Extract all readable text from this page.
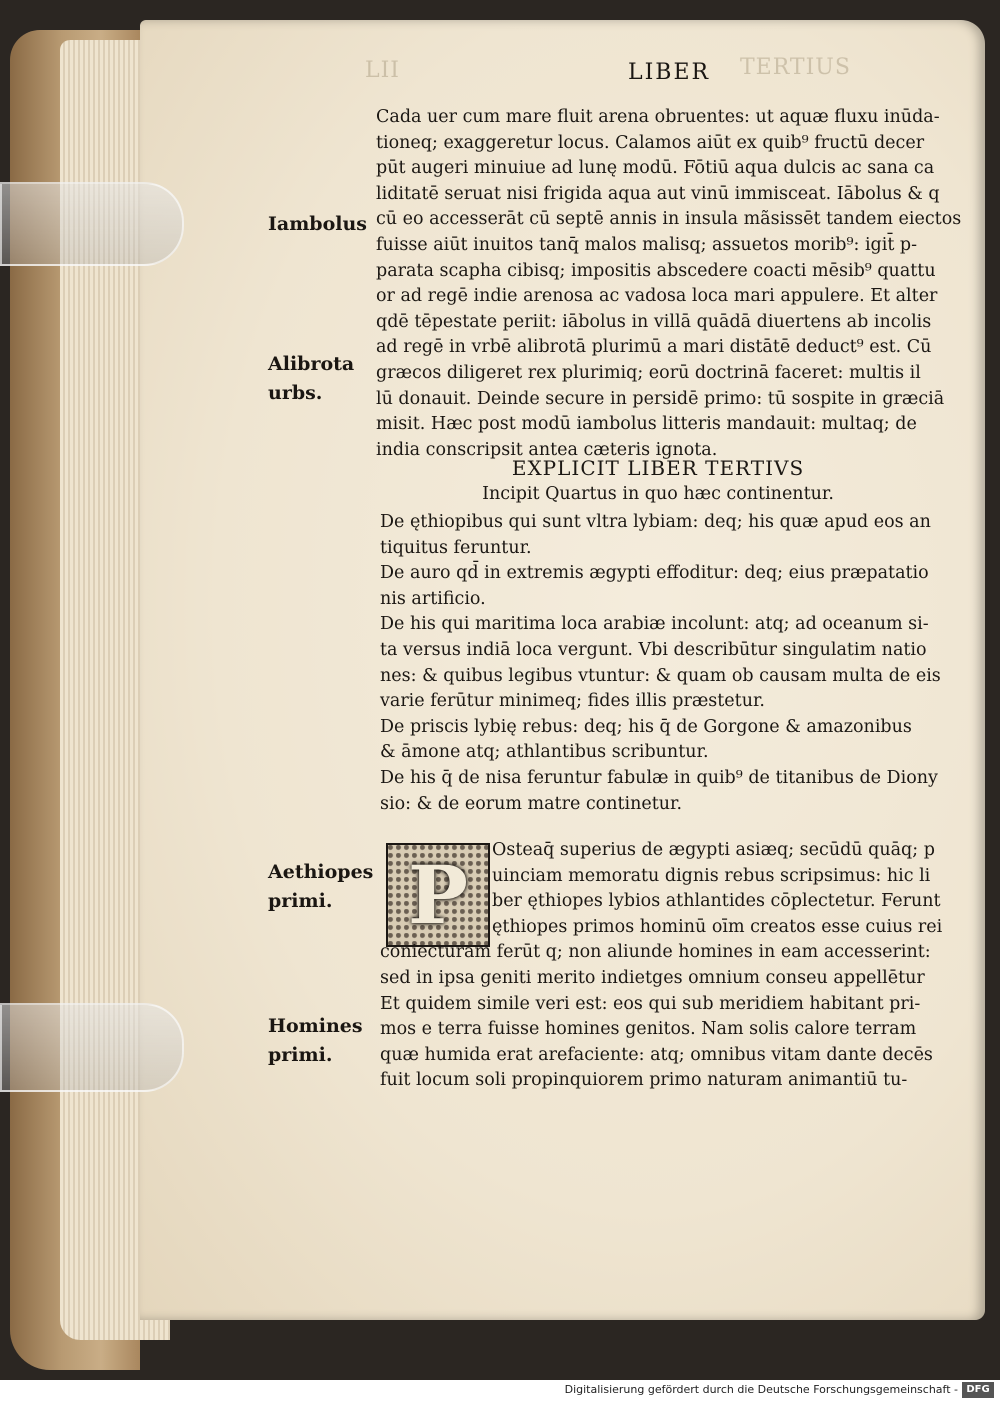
LII	TERTIUS
LIBER
Iambolus
Alibrota urbs.
Aethiopes primi.
Homines primi.
Cada uer cum mare fluit arena obruentes: ut aquæ fluxu inūda-
tioneq; exaggeretur locus. Calamos aiūt ex quib⁹ fructū decer
pūt augeri minuiue ad lunę modū. Fōtiū aqua dulcis ac sana ca
liditatē seruat nisi frigida aqua aut vinū immisceat. Iābolus & q
cū eo accesserāt cū septē annis in insula mãsissēt tandem eiectos
fuisse aiūt inuitos tanq̄ malos malisq; assuetos morib⁹: igit̄ p-
parata scapha cibisq; impositis abscedere coacti mēsib⁹ quattu
or ad regē indie arenosa ac vadosa loca mari appulere. Et alter
qdē tēpestate periit: iābolus in villā quādā diuertens ab incolis
ad regē in vrbē alibrotā plurimū a mari distātē deduct⁹ est. Cū
græcos diligeret rex plurimiq; eorū doctrinā faceret: multis il
lū donauit. Deinde secure in persidē primo: tū sospite in græciā
misit. Hæc post modū iambolus litteris mandauit: multaq; de
india conscripsit antea cæteris ignota.
EXPLICIT LIBER TERTIVS
Incipit Quartus in quo hæc continentur.
De ęthiopibus qui sunt vltra lybiam: deq; his quæ apud eos an
tiquitus feruntur.
De auro qd̄ in extremis ægypti effoditur: deq; eius præpatatio
nis artificio.
De his qui maritima loca arabiæ incolunt: atq; ad oceanum si-
ta versus indiā loca vergunt. Vbi describūtur singulatim natio
nes: & quibus legibus vtuntur: & quam ob causam multa de eis
varie ferūtur minimeq; fides illis præstetur.
De priscis lybię rebus: deq; his q̄ de Gorgone & amazonibus
& āmone atq; athlantibus scribuntur.
De his q̄ de nisa feruntur fabulæ in quib⁹ de titanibus de Diony
sio: & de eorum matre continetur.
P	Osteaq̄ superius de ægypti asiæq; secūdū quāq; p
uinciam memoratu dignis rebus scripsimus: hic li
ber ęthiopes lybios athlantides cōplectetur. Ferunt
ęthiopes primos hominū oīm creatos esse cuius rei
coniecturam ferūt q; non aliunde homines in eam accesserint:
sed in ipsa geniti merito indietges omnium conseu appellētur
Et quidem simile veri est: eos qui sub meridiem habitant pri-
mos e terra fuisse homines genitos. Nam solis calore terram
quæ humida erat arefaciente: atq; omnibus vitam dante decēs
fuit locum soli propinquiorem primo naturam animantiū tu-
Digitalisierung gefördert durch die Deutsche Forschungsgemeinschaft - DFG
